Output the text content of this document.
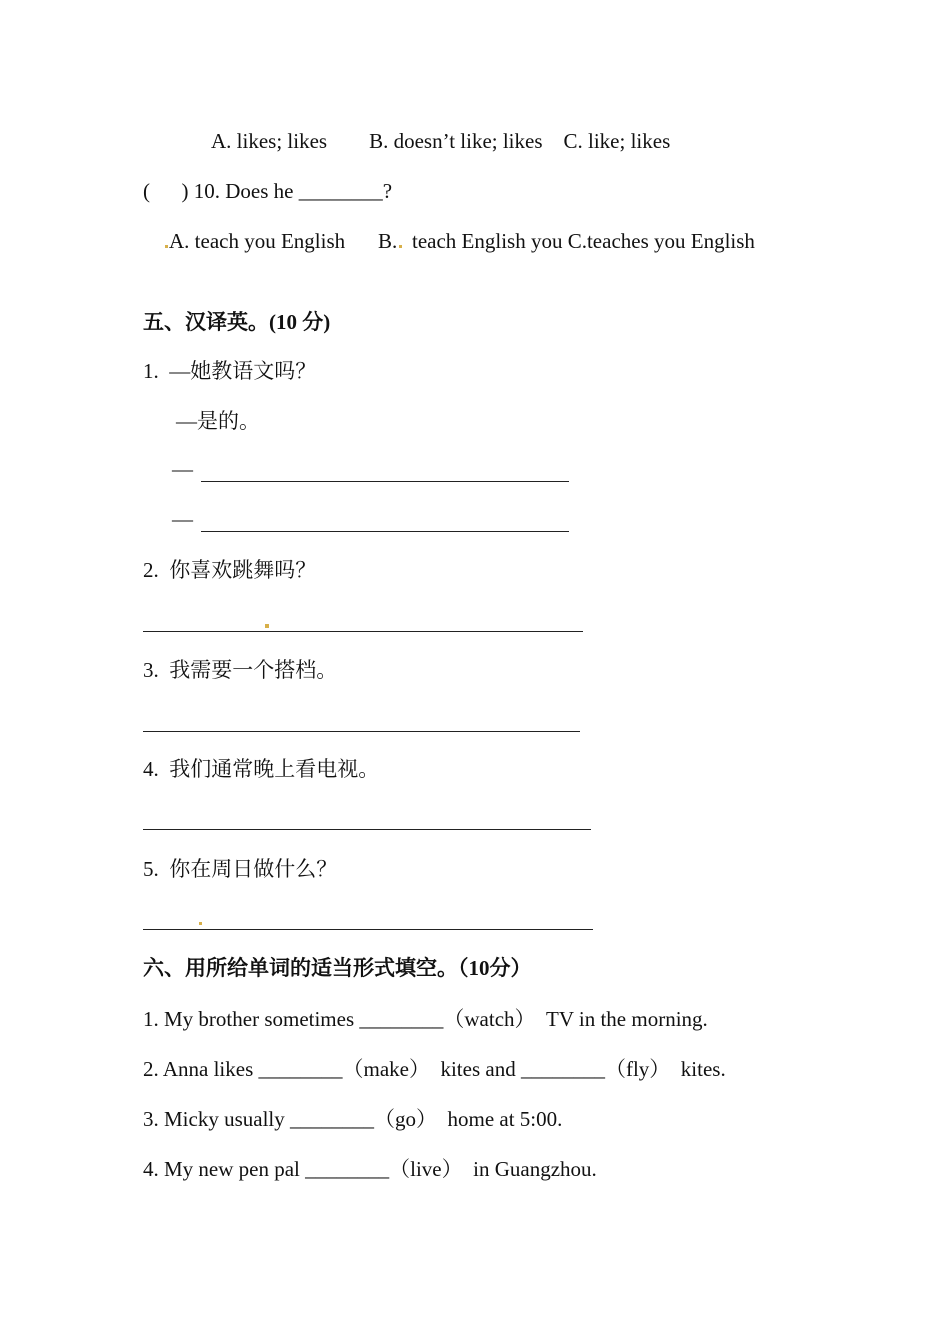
A. likes; likes        B. doesn’t like; likes    C. like; likes
(      ) 10. Does he ________?
A. teach you English B. teach English you C.teaches you English
五、汉译英。(10 分)
1.  —她教语文吗？
—是的。
—
—
2.  你喜欢跳舞吗？
3.  我需要一个搭档。
4.  我们通常晚上看电视。
5.  你在周日做什么？
六、用所给单词的适当形式填空。（10分）
1. My brother sometimes ________（watch）  TV in the morning.
2. Anna likes ________（make）  kites and ________（fly）  kites.
3. Micky usually ________（go）  home at 5:00.
4. My new pen pal ________（live）  in Guangzhou.
